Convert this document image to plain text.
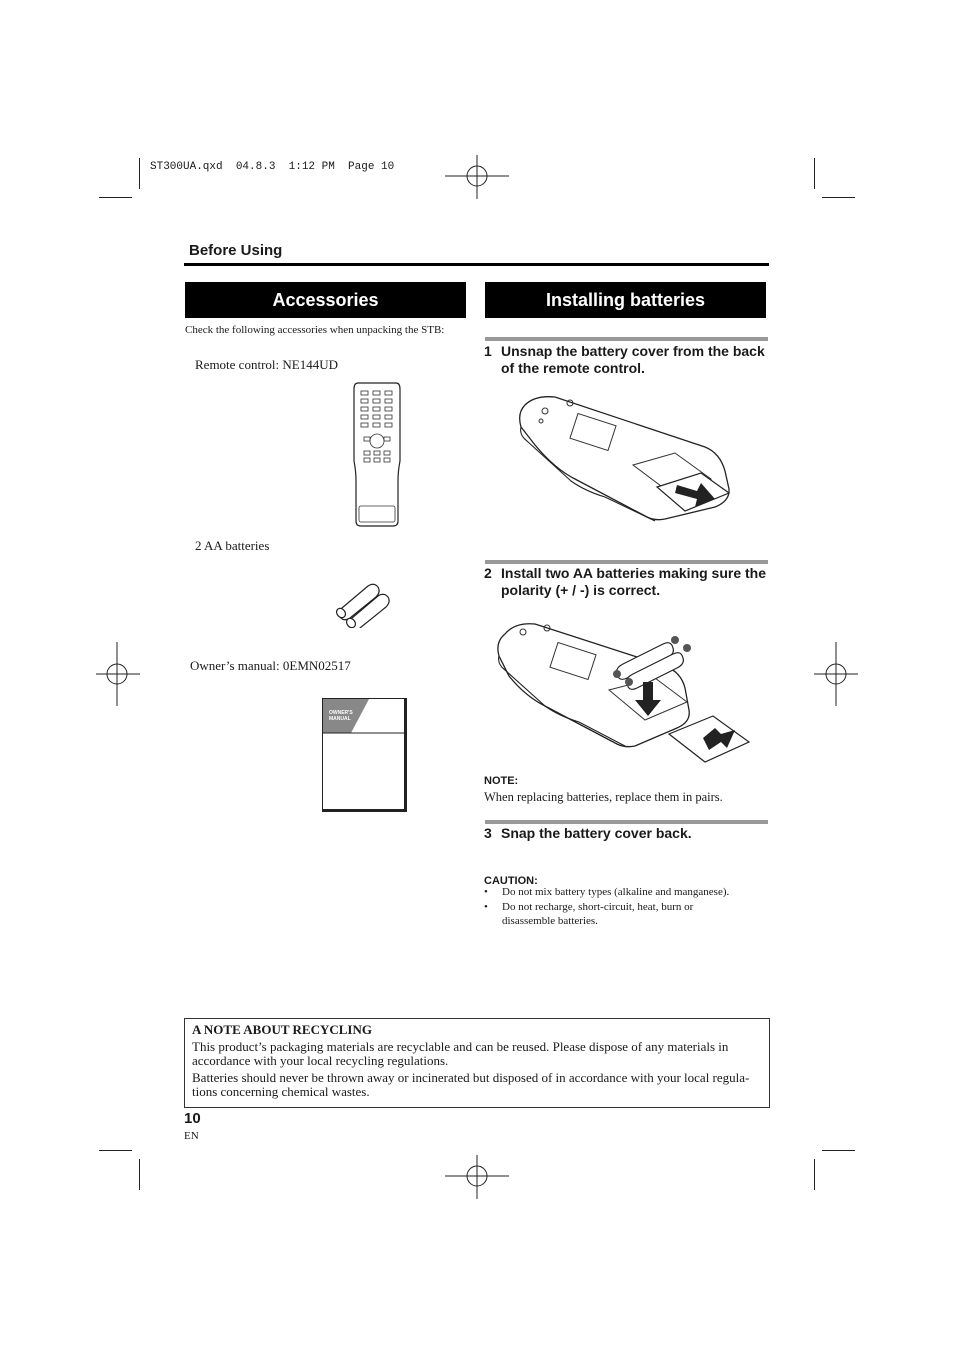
ST300UA.qxd  04.8.3  1:12 PM  Page 10
Before Using
Accessories
Check the following accessories when unpacking the STB:
Remote control: NE144UD
2 AA batteries
Owner’s manual: 0EMN02517
OWNER'S MANUAL
Installing batteries
1 Unsnap the battery cover from the back of the remote control.
2 Install two AA batteries making sure the polarity (+ / -) is correct.
NOTE:
When replacing batteries, replace them in pairs.
3 Snap the battery cover back.
CAUTION:
• Do not mix battery types (alkaline and manganese).
• Do not recharge, short-circuit, heat, burn or disassemble batteries.

A NOTE ABOUT RECYCLING

This product’s packaging materials are recyclable and can be reused. Please dispose of any materials in accordance with your local recycling regulations.

Batteries should never be thrown away or incinerated but disposed of in accordance with your local regula-tions concerning chemical wastes.

10
EN
